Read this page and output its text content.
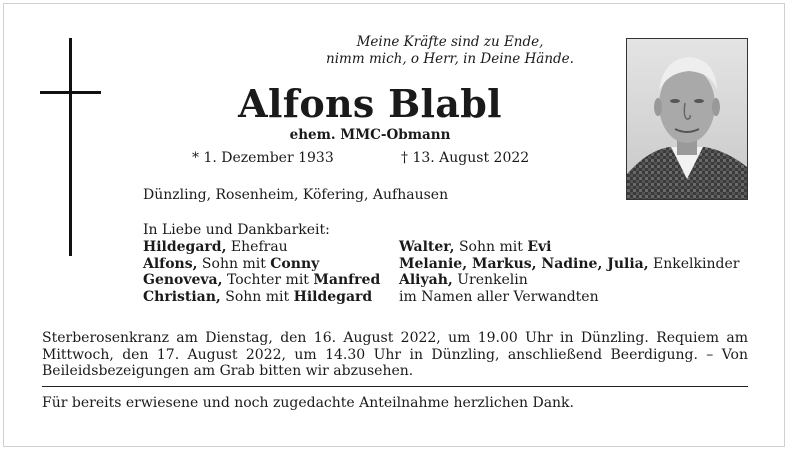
Meine Kräfte sind zu Ende,
nimm mich, o Herr, in Deine Hände.
Alfons Blabl
ehem. MMC-Obmann
* 1. Dezember 1933	† 13. August 2022
Dünzling, Rosenheim, Köfering, Aufhausen
In Liebe und Dankbarkeit:
Hildegard, Ehefrau
Alfons, Sohn mit Conny
Genoveva, Tochter mit Manfred
Christian, Sohn mit Hildegard
Walter, Sohn mit Evi
Melanie, Markus, Nadine, Julia, Enkelkinder
Aliyah, Urenkelin
im Namen aller Verwandten
Sterberosenkranz am Dienstag, den 16. August 2022, um 19.00 Uhr in Dünzling. Requiem am Mittwoch, den 17. August 2022, um 14.30 Uhr in Dünzling, anschließend Beerdigung. – Von Beileidsbezeigungen am Grab bitten wir abzusehen.
Für bereits erwiesene und noch zugedachte Anteilnahme herzlichen Dank.
